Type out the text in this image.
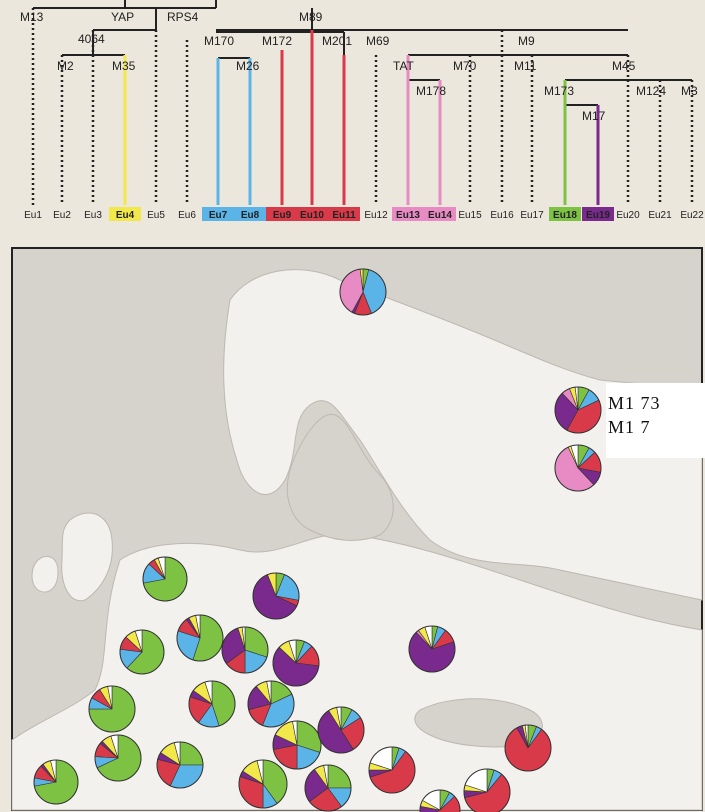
M13	YAP	RPS4	M89
4064
M2	M35
M170 M172 M201 M69	M9
M26	TAT	M70	M11	M45
M178	M173
M17
M124 M3
Eu1 Eu2 Eu3 Eu4 Eu5 Eu6 Eu7 Eu8 Eu9 Eu10 Eu11 Eu12 Eu13 Eu14 Eu15 Eu16 Eu17 Eu18 Eu19 Eu20 Eu21 Eu22
M1 73
M1 7
